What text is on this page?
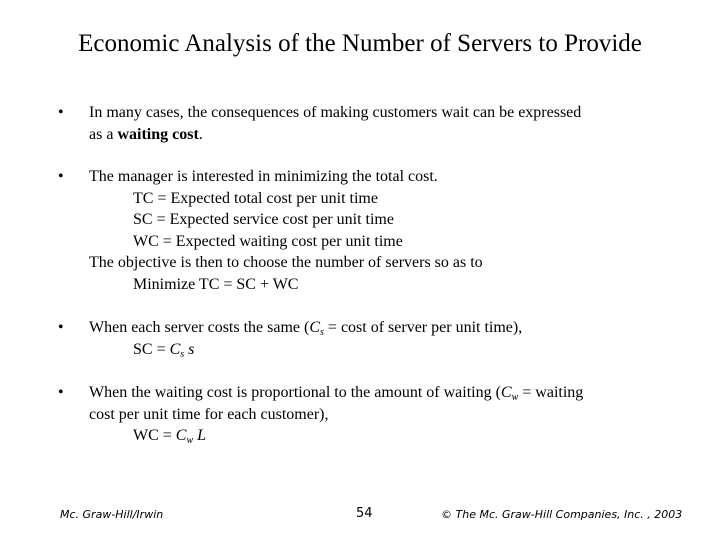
Economic Analysis of the Number of Servers to Provide
• In many cases, the consequences of making customers wait can be expressed
as a waiting cost.
• The manager is interested in minimizing the total cost.
TC = Expected total cost per unit time
SC = Expected service cost per unit time
WC = Expected waiting cost per unit time
The objective is then to choose the number of servers so as to
Minimize TC = SC + WC
• When each server costs the same ($C_s = \cos t$ of server per unit time),
SC = $C_s$ s
• When the waiting cost is proportional to the amount of waiting ($C_w$ = waiting
cost per unit time for each customer),
WC = $C_w$ L
Mc. Graw-Hill/Irwin	54	© The Mc. Graw-Hill Companies, Inc. , 2003
